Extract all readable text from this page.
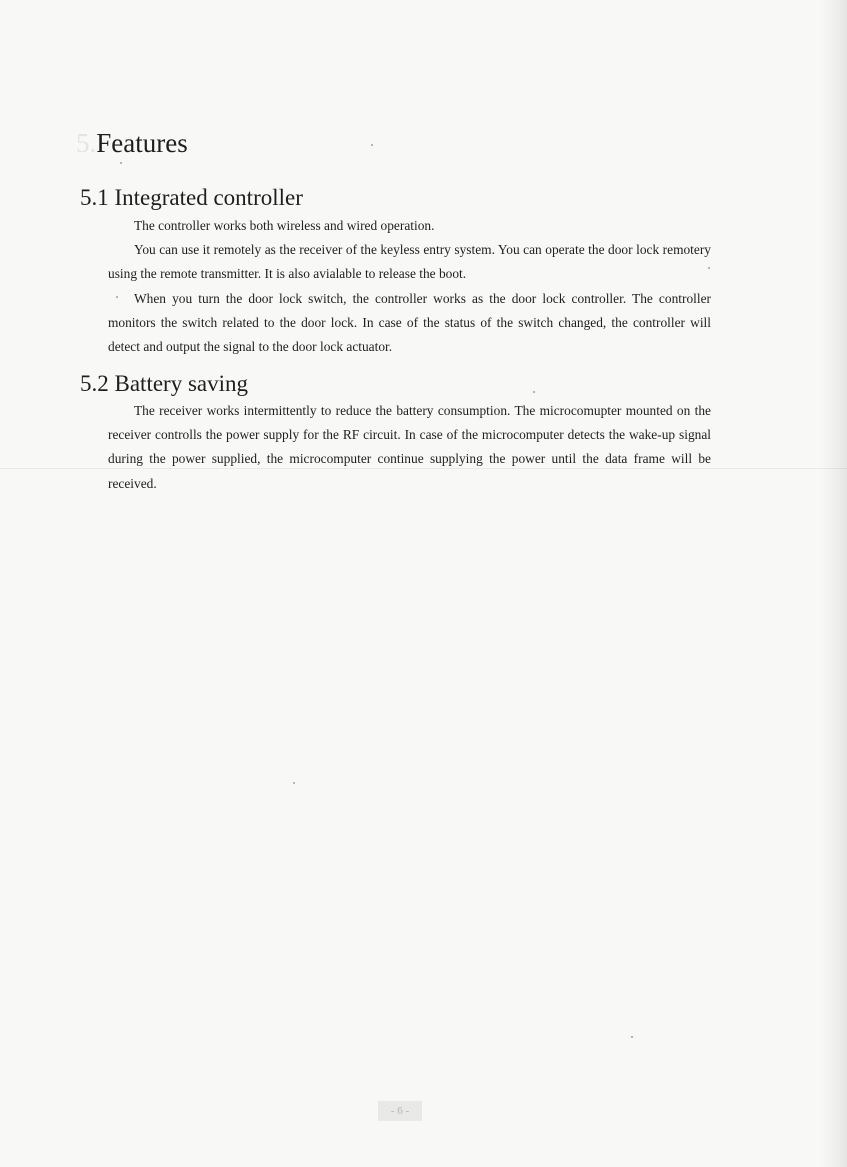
5.Features
5.1 Integrated controller

The controller works both wireless and wired operation.

You can use it remotely as the receiver of the keyless entry system. You can operate the door lock remotery using the remote transmitter. It is also avialable to release the boot.

When you turn the door lock switch, the controller works as the door lock controller. The controller monitors the switch related to the door lock. In case of the status of the switch changed, the controller will detect and output the signal to the door lock actuator.

5.2 Battery saving

The receiver works intermittently to reduce the battery consumption. The microcomupter mounted on the receiver controlls the power supply for the RF circuit. In case of the microcomputer detects the wake-up signal during the power supplied, the microcomputer continue supplying the power until the data frame will be received.

- 6 -
